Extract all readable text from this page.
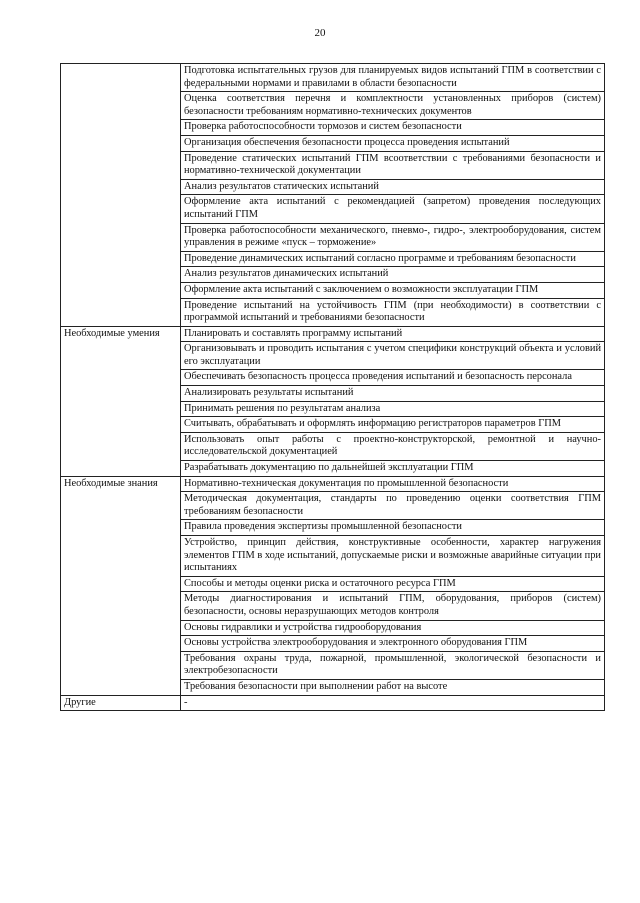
20
	Подготовка испытательных грузов для планируемых видов испытаний ГПМ в соответствии с федеральными нормами и правилами в области безопасности
	Оценка соответствия перечня и комплектности установленных приборов (систем) безопасности требованиям нормативно-технических документов
	Проверка работоспособности тормозов и систем безопасности
	Организация обеспечения безопасности процесса проведения испытаний
	Проведение статических испытаний ГПМ всоответствии с требованиями безопасности и нормативно-технической документации
	Анализ результатов статических испытаний
	Оформление акта испытаний с рекомендацией (запретом) проведения последующих испытаний ГПМ
	Проверка работоспособности механического, пневмо-, гидро-, электрооборудования, систем управления в режиме «пуск – торможение»
	Проведение динамических испытаний согласно программе и требованиям безопасности
	Анализ результатов динамических испытаний
	Оформление акта испытаний с заключением о возможности эксплуатации ГПМ
	Проведение испытаний на устойчивость ГПМ (при необходимости) в соответствии с программой испытаний и требованиями безопасности
Необходимые умения	Планировать и составлять программу испытаний
	Организовывать и проводить испытания с учетом специфики конструкций объекта и условий его эксплуатации
	Обеспечивать безопасность процесса проведения испытаний и безопасность персонала
	Анализировать результаты испытаний
	Принимать решения по результатам анализа
	Считывать, обрабатывать и оформлять информацию регистраторов параметров ГПМ
	Использовать опыт работы с проектно-конструкторской, ремонтной и научно-исследовательской документацией
	Разрабатывать документацию по дальнейшей эксплуатации ГПМ
Необходимые знания	Нормативно-техническая документация по промышленной безопасности
	Методическая документация, стандарты по проведению оценки соответствия ГПМ требованиям безопасности
	Правила проведения экспертизы промышленной безопасности
	Устройство, принцип действия, конструктивные особенности, характер нагружения элементов ГПМ в ходе испытаний, допускаемые риски и возможные аварийные ситуации при испытаниях
	Способы и методы оценки риска и остаточного ресурса ГПМ
	Методы диагностирования и испытаний ГПМ, оборудования, приборов (систем) безопасности, основы неразрушающих методов контроля
	Основы гидравлики и устройства гидрооборудования
	Основы устройства электрооборудования и электронного оборудования ГПМ
	Требования охраны труда, пожарной, промышленной, экологической безопасности и электробезопасности
	Требования безопасности при выполнении работ на высоте
Другие	-
